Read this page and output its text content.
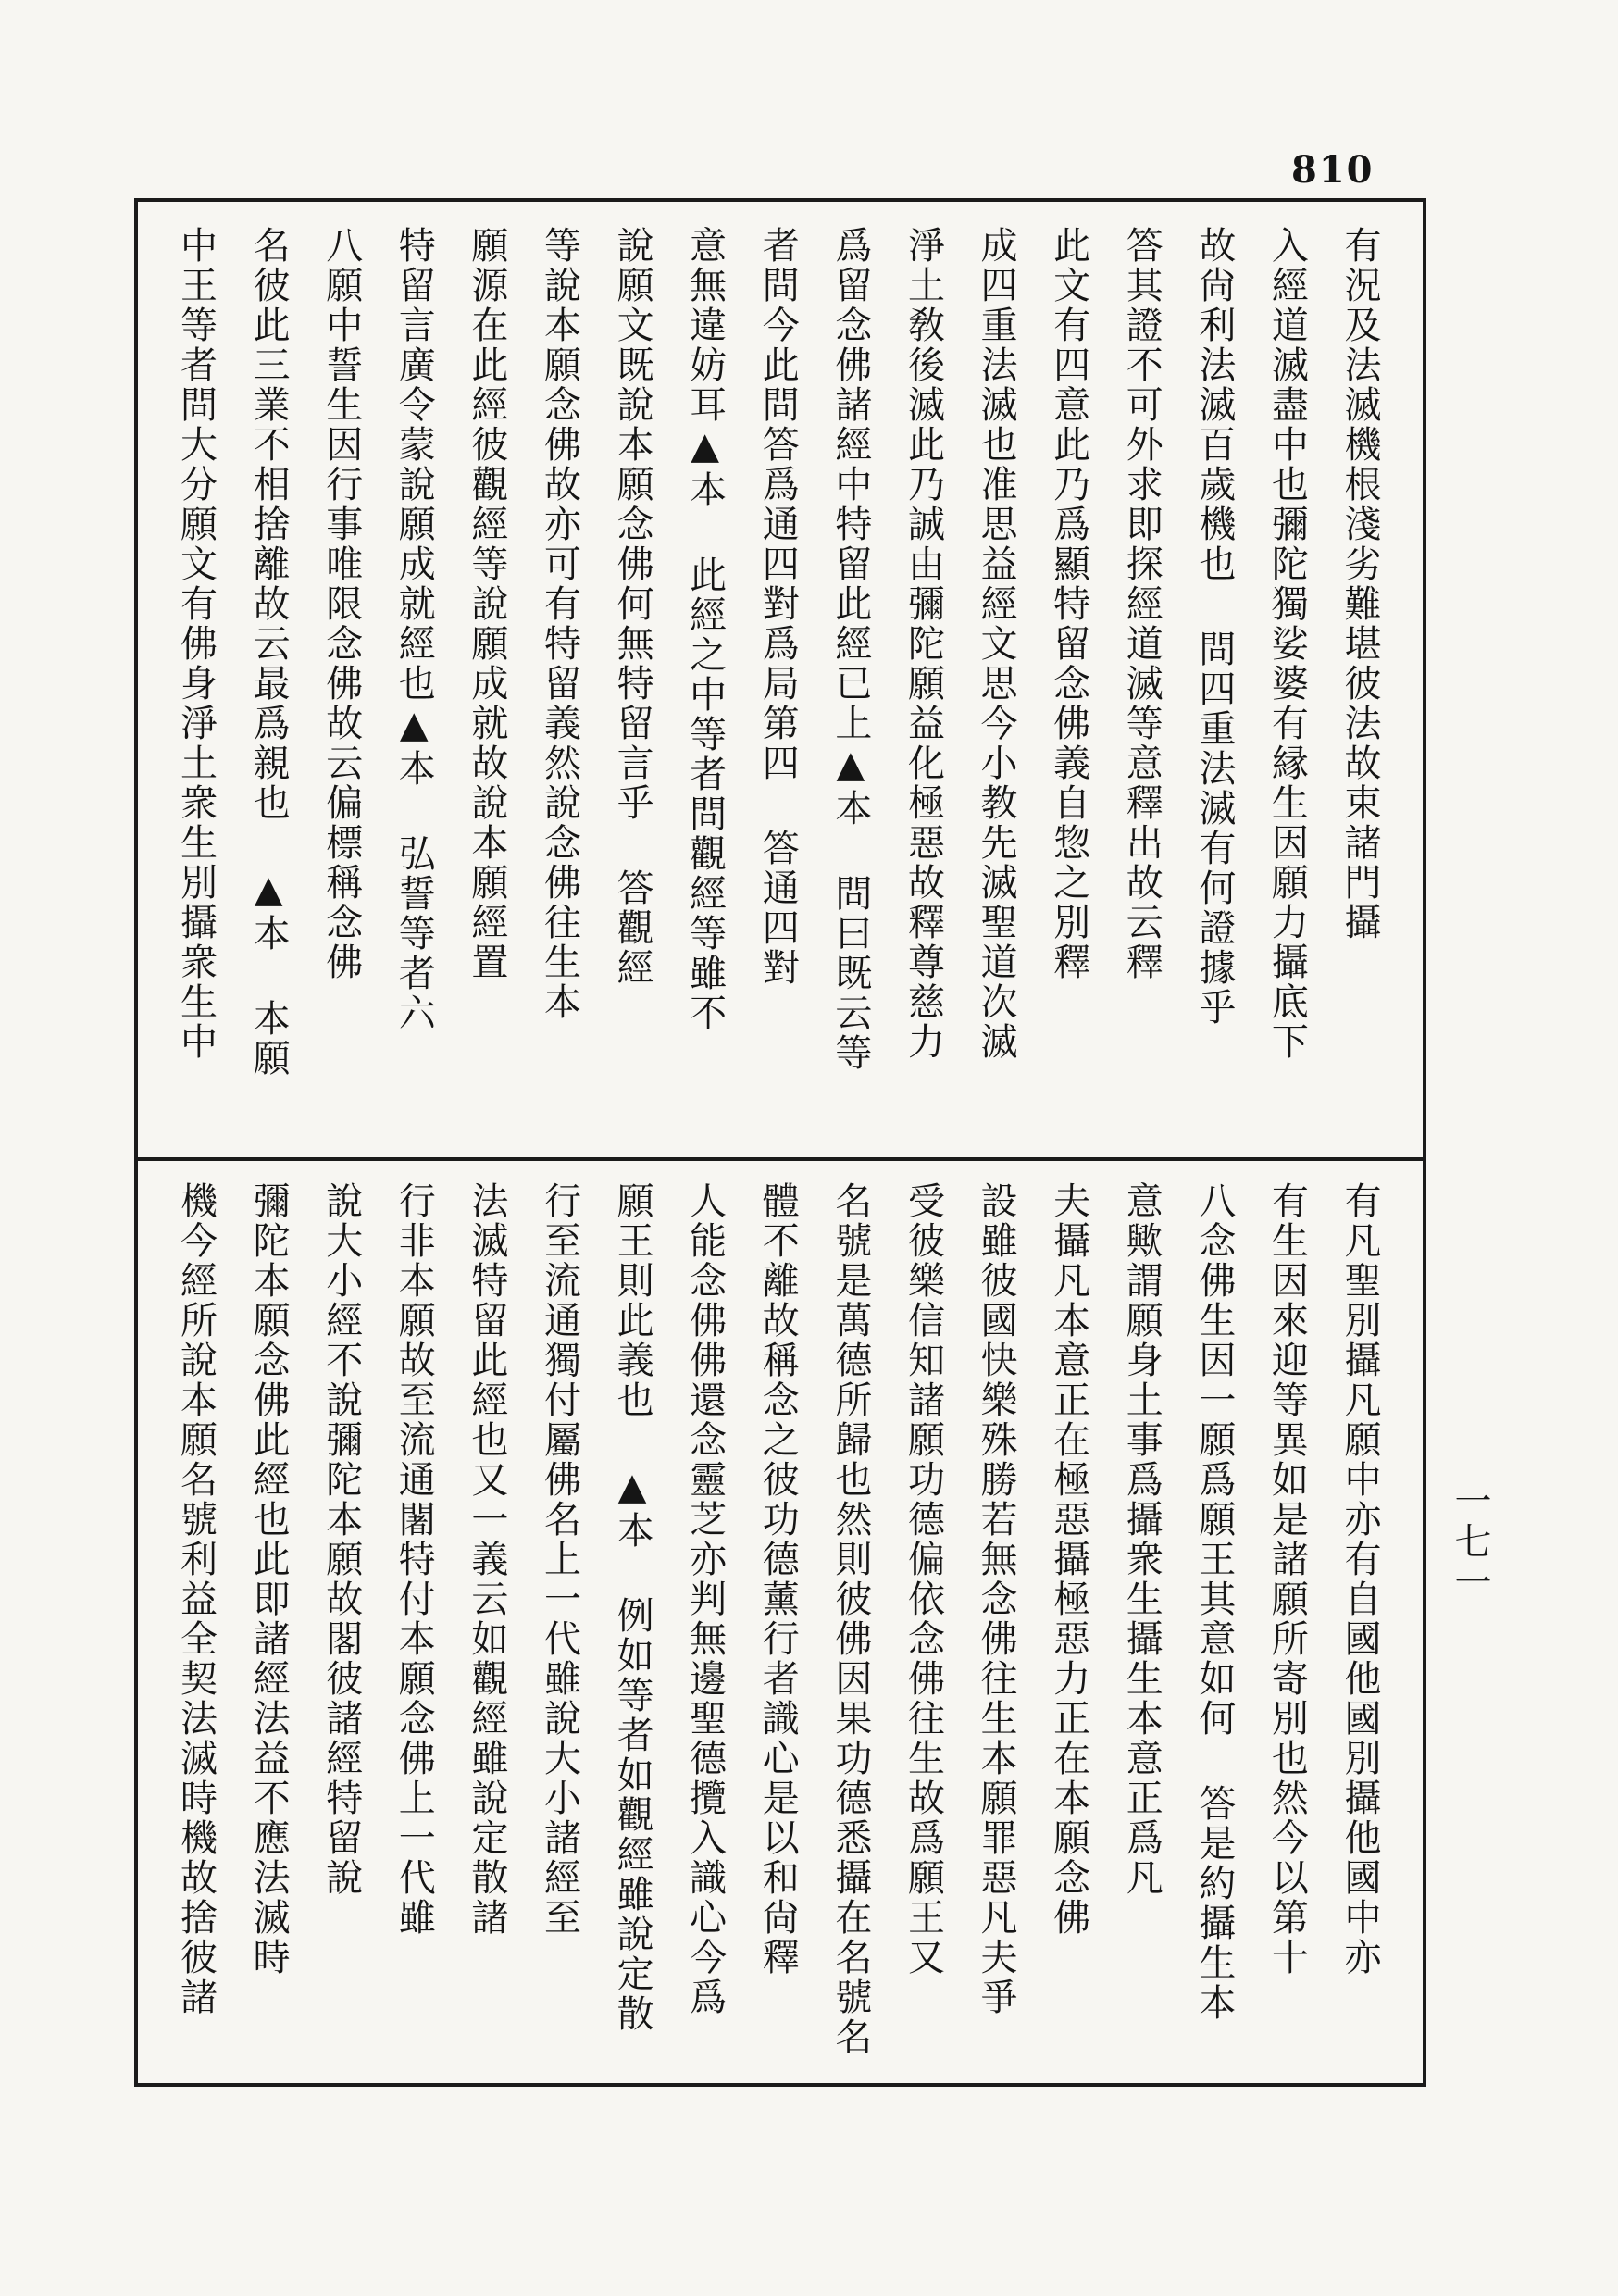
810
有況及法滅機根淺劣難堪彼法故束諸門攝
入經道滅盡中也彌陀獨娑婆有縁生因願力攝底下
故尙利法滅百歲機也 問四重法滅有何證據乎
答其證不可外求即探經道滅等意釋出故云釋
此文有四意此乃爲顯特留念佛義自惣之別釋
成四重法滅也准思益經文思今小教先滅聖道次滅
淨土敎後滅此乃誠由彌陀願益化極惡故釋尊慈力
爲留念佛諸經中特留此經已上▲本 問曰既云等
者問今此問答爲通四對爲局第四 答通四對
意無違妨耳▲本 此經之中等者問觀經等雖不
說願文既說本願念佛何無特留言乎 答觀經
等說本願念佛故亦可有特留義然說念佛往生本
願源在此經彼觀經等說願成就故說本願經置
特留言廣令蒙說願成就經也▲本 弘誓等者六
八願中誓生因行事唯限念佛故云偏標稱念佛
名彼此三業不相捨離故云最爲親也 ▲本 本願
中王等者問大分願文有佛身淨土衆生別攝衆生中
有凡聖別攝凡願中亦有自國他國別攝他國中亦
有生因來迎等異如是諸願所寄別也然今以第十
八念佛生因一願爲願王其意如何 答是約攝生本
意歟謂願身土事爲攝衆生攝生本意正爲凡
夫攝凡本意正在極惡攝極惡力正在本願念佛
設雖彼國快樂殊勝若無念佛往生本願罪惡凡夫爭
受彼樂信知諸願功德偏依念佛往生故爲願王又
名號是萬德所歸也然則彼佛因果功德悉攝在名號名
體不離故稱念之彼功德薰行者識心是以和尙釋
人能念佛佛還念靈芝亦判無邊聖德攬入識心今爲
願王則此義也 ▲本 例如等者如觀經雖說定散
行至流通獨付屬佛名上一代雖說大小諸經至
法滅特留此經也又一義云如觀經雖說定散諸
行非本願故至流通闍特付本願念佛上一代雖
說大小經不說彌陀本願故閣彼諸經特留說
彌陀本願念佛此經也此即諸經法益不應法滅時
機今經所說本願名號利益全契法滅時機故捨彼諸	一七一
